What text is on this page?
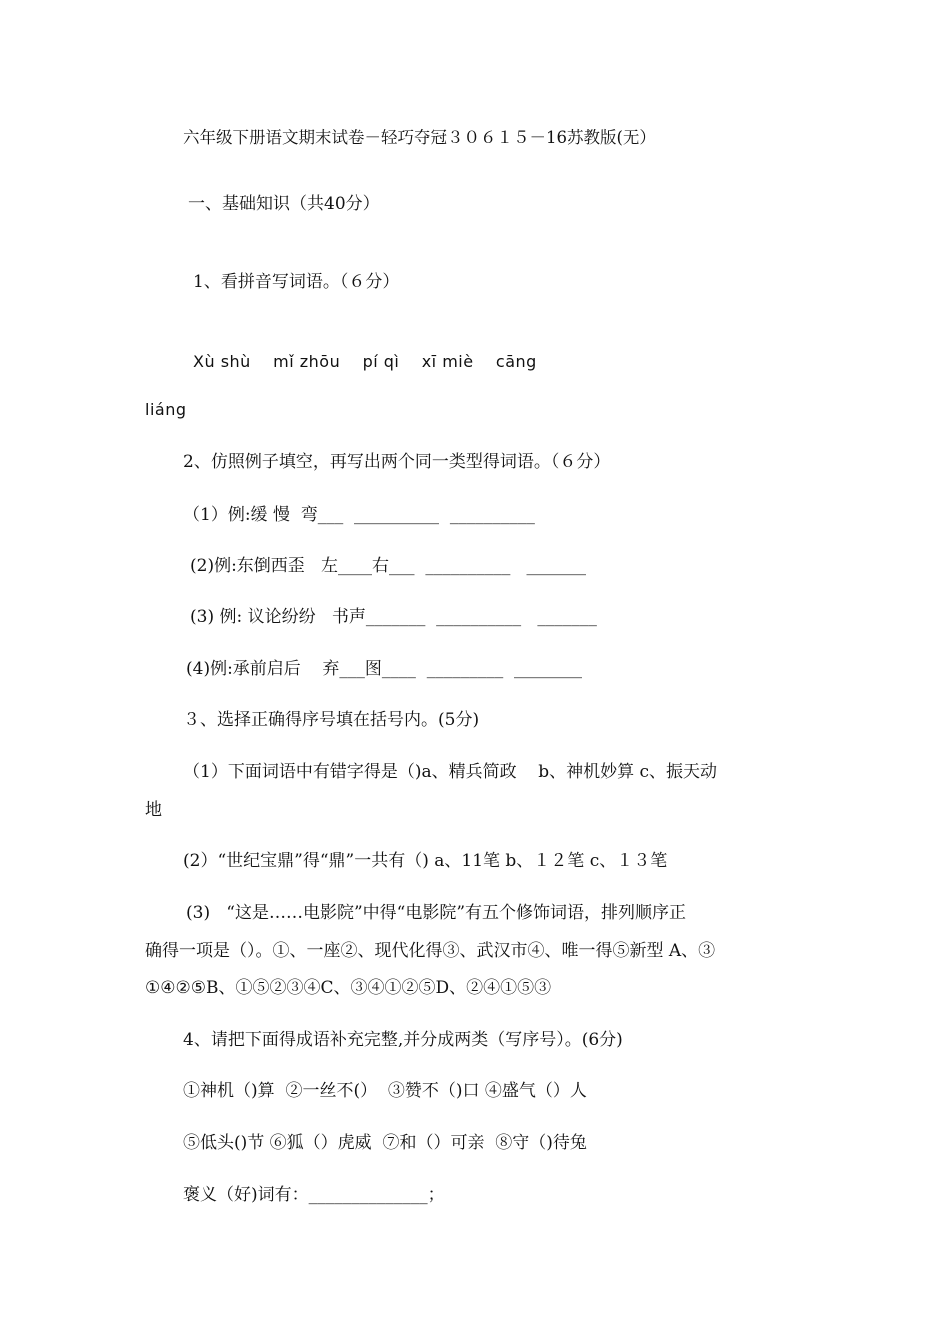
六年级下册语文期末试卷－轻巧夺冠３０６１５－16苏教版(无）

一、基础知识（共40分）

1、看拼音写词语。（６分）

Xù shù    mǐ zhōu    pí qì    xī miè    cāng

liáng

2、仿照例子填空，再写出两个同一类型得词语。（６分）

（1）例:缓 慢  弯___  __________  __________

(2)例:东倒西歪   左____右___  __________   _______

(3) 例: 议论纷纷   书声_______  __________   _______

(4)例:承前启后    弃___图____  _________  ________

３、选择正确得序号填在括号内。(5分)

（1）下面词语中有错字得是（)a、精兵简政    b、神机妙算 c、振天动

地

(2）“世纪宝鼎”得“鼎”一共有（) a、11笔 b、１２笔 c、１３笔

(3)   “这是……电影院”中得“电影院”有五个修饰词语，排列顺序正

确得一项是（）。①、一座②、现代化得③、武汉市④、唯一得⑤新型 A、③

①④②⑤B、①⑤②③④C、③④①②⑤D、②④①⑤③

4、请把下面得成语补充完整,并分成两类（写序号）。(6分)

①神机（)算  ②一丝不(）  ③赞不（)口 ④盛气（）人

⑤低头()节 ⑥狐（）虎威  ⑦和（）可亲  ⑧守（)待兔

褒义（好)词有：______________；
